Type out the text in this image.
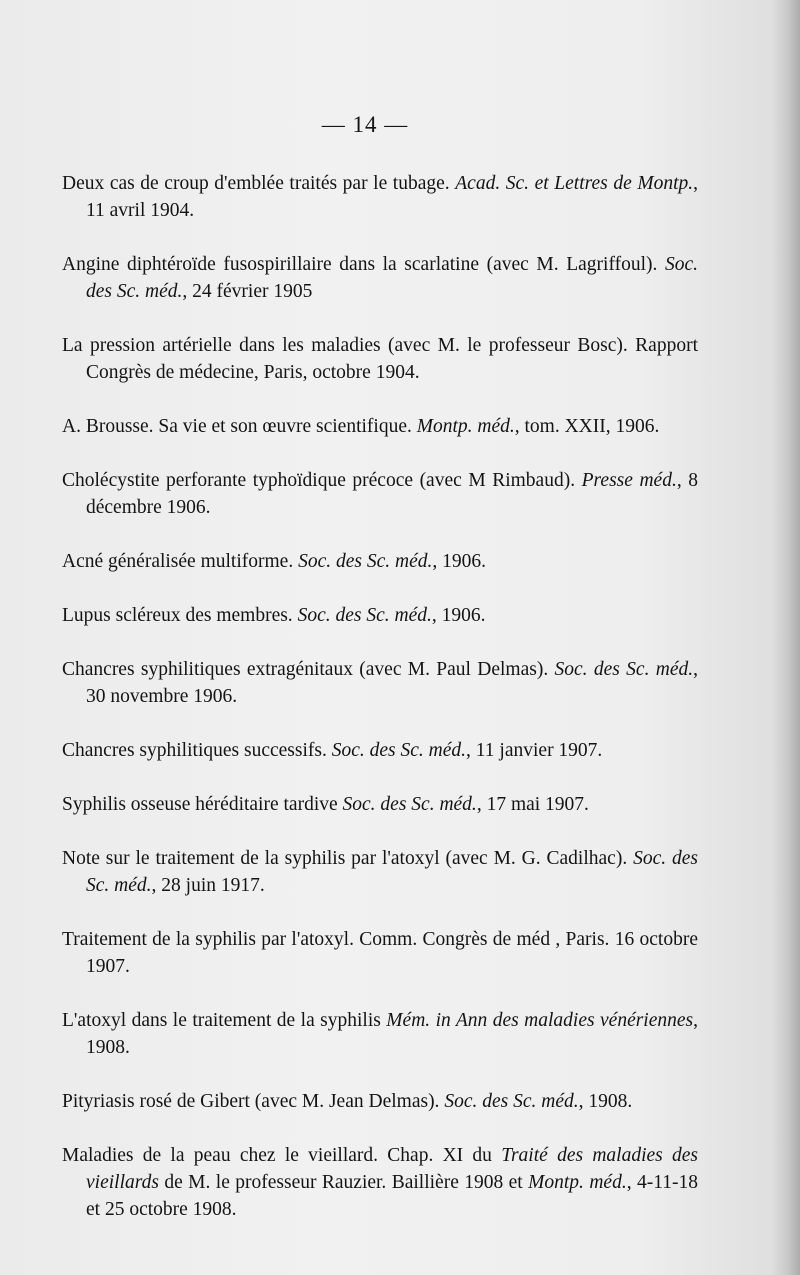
— 14 —

Deux cas de croup d'emblée traités par le tubage. Acad. Sc. et Lettres de Montp., 11 avril 1904.

Angine diphtéroïde fusospirillaire dans la scarlatine (avec M. Lagriffoul). Soc. des Sc. méd., 24 février 1905

La pression artérielle dans les maladies (avec M. le professeur Bosc). Rapport Congrès de médecine, Paris, octobre 1904.

A. Brousse. Sa vie et son œuvre scientifique. Montp. méd., tom. XXII, 1906.

Cholécystite perforante typhoïdique précoce (avec M Rimbaud). Presse méd., 8 décembre 1906.

Acné généralisée multiforme. Soc. des Sc. méd., 1906.

Lupus scléreux des membres. Soc. des Sc. méd., 1906.

Chancres syphilitiques extragénitaux (avec M. Paul Delmas). Soc. des Sc. méd., 30 novembre 1906.

Chancres syphilitiques successifs. Soc. des Sc. méd., 11 janvier 1907.

Syphilis osseuse héréditaire tardive Soc. des Sc. méd., 17 mai 1907.

Note sur le traitement de la syphilis par l'atoxyl (avec M. G. Cadilhac). Soc. des Sc. méd., 28 juin 1917.

Traitement de la syphilis par l'atoxyl. Comm. Congrès de méd , Paris. 16 octobre 1907.

L'atoxyl dans le traitement de la syphilis Mém. in Ann des maladies vénériennes, 1908.

Pityriasis rosé de Gibert (avec M. Jean Delmas). Soc. des Sc. méd., 1908.

Maladies de la peau chez le vieillard. Chap. XI du Traité des maladies des vieillards de M. le professeur Rauzier. Baillière 1908 et Montp. méd., 4-11-18 et 25 octobre 1908.
